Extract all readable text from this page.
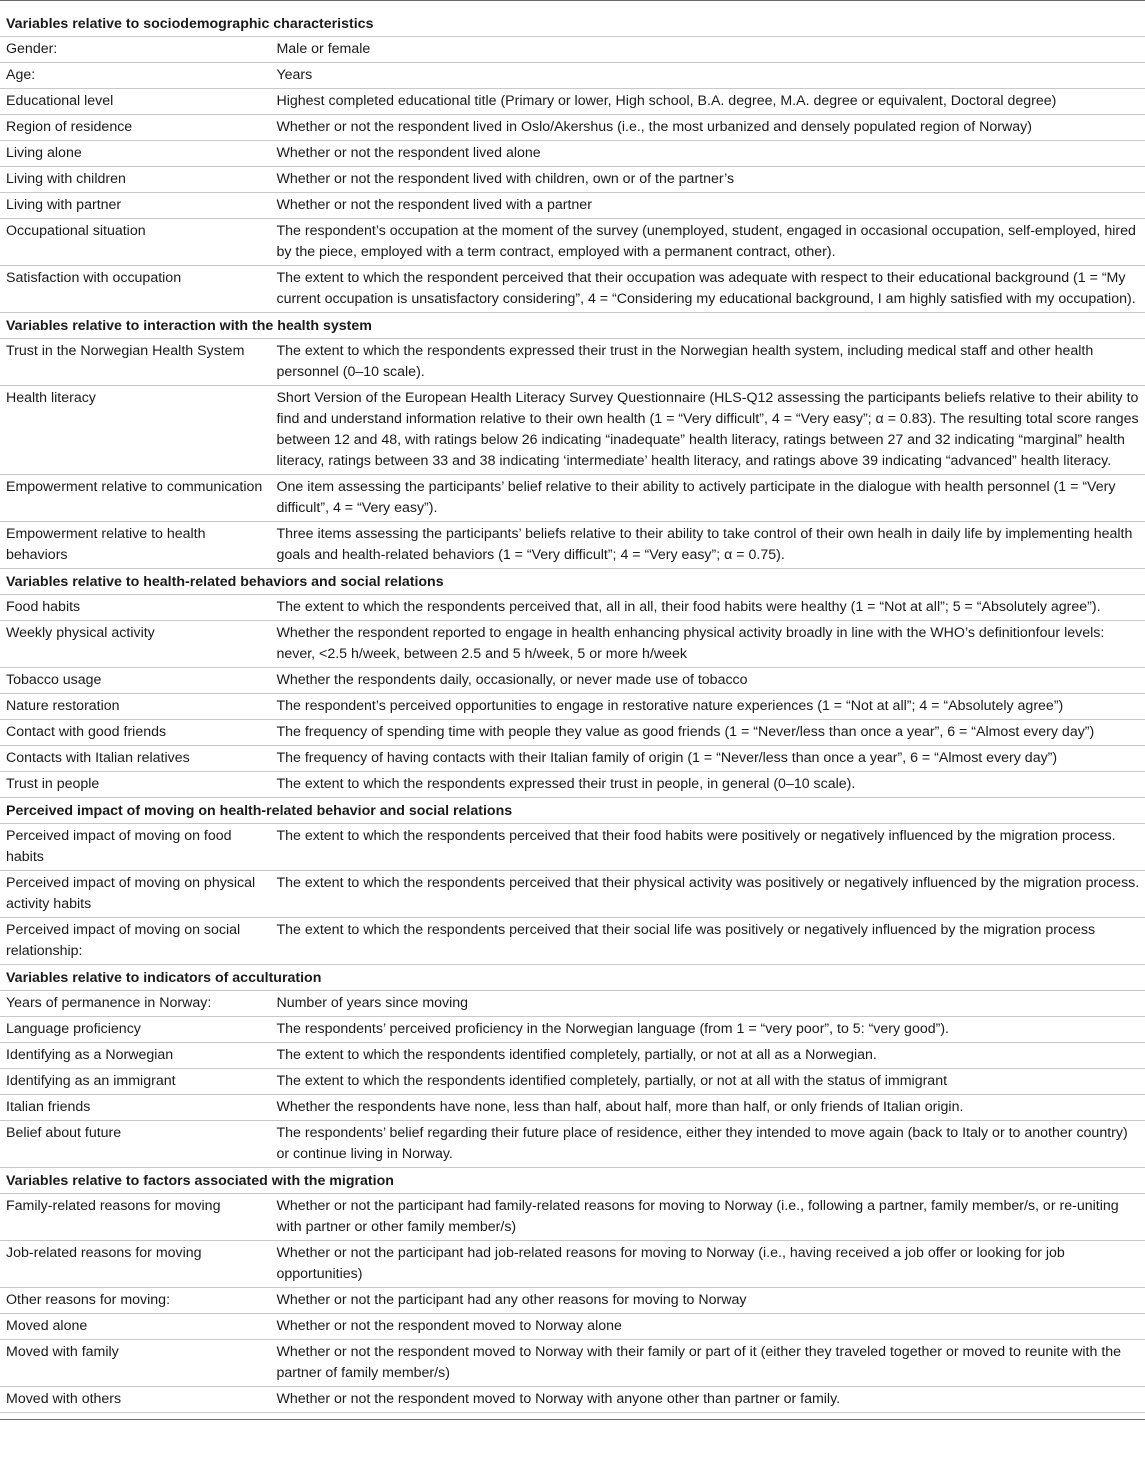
Variables relative to sociodemographic characteristics	
Gender:	Male or female
Age:	Years
Educational level	Highest completed educational title (Primary or lower, High school, B.A. degree, M.A. degree or equivalent, Doctoral degree)
Region of residence	Whether or not the respondent lived in Oslo/Akershus (i.e., the most urbanized and densely populated region of Norway)
Living alone	Whether or not the respondent lived alone
Living with children	Whether or not the respondent lived with children, own or of the partner’s
Living with partner	Whether or not the respondent lived with a partner
Occupational situation	The respondent’s occupation at the moment of the survey (unemployed, student, engaged in occasional occupation, self-employed, hired by the piece, employed with a term contract, employed with a permanent contract, other).
Satisfaction with occupation	The extent to which the respondent perceived that their occupation was adequate with respect to their educational background (1 = “My current occupation is unsatisfactory considering”, 4 = “Considering my educational background, I am highly satisfied with my occupation).
Variables relative to interaction with the health system	
Trust in the Norwegian Health System	The extent to which the respondents expressed their trust in the Norwegian health system, including medical staff and other health personnel (0–10 scale).
Health literacy	Short Version of the European Health Literacy Survey Questionnaire (HLS-Q12 assessing the participants beliefs relative to their ability to find and understand information relative to their own health (1 = “Very difficult”, 4 = “Very easy”; α = 0.83). The resulting total score ranges between 12 and 48, with ratings below 26 indicating “inadequate” health literacy, ratings between 27 and 32 indicating “marginal” health literacy, ratings between 33 and 38 indicating ‘intermediate’ health literacy, and ratings above 39 indicating “advanced” health literacy.
Empowerment relative to communication	One item assessing the participants’ belief relative to their ability to actively participate in the dialogue with health personnel (1 = “Very difficult”, 4 = “Very easy”).
Empowerment relative to health behaviors	Three items assessing the participants’ beliefs relative to their ability to take control of their own healh in daily life by implementing health goals and health-related behaviors (1 = “Very difficult”; 4 = “Very easy”; α = 0.75).
Variables relative to health-related behaviors and social relations	
Food habits	The extent to which the respondents perceived that, all in all, their food habits were healthy (1 = “Not at all”; 5 = “Absolutely agree”).
Weekly physical activity	Whether the respondent reported to engage in health enhancing physical activity broadly in line with the WHO’s definitionfour levels: never, <2.5 h/week, between 2.5 and 5 h/week, 5 or more h/week
Tobacco usage	Whether the respondents daily, occasionally, or never made use of tobacco
Nature restoration	The respondent’s perceived opportunities to engage in restorative nature experiences (1 = “Not at all”; 4 = “Absolutely agree”)
Contact with good friends	The frequency of spending time with people they value as good friends (1 = “Never/less than once a year”, 6 = “Almost every day”)
Contacts with Italian relatives	The frequency of having contacts with their Italian family of origin (1 = “Never/less than once a year”, 6 = “Almost every day”)
Trust in people	The extent to which the respondents expressed their trust in people, in general (0–10 scale).
Perceived impact of moving on health-related behavior and social relations	
Perceived impact of moving on food habits	The extent to which the respondents perceived that their food habits were positively or negatively influenced by the migration process.
Perceived impact of moving on physical activity habits	The extent to which the respondents perceived that their physical activity was positively or negatively influenced by the migration process.
Perceived impact of moving on social relationship:	The extent to which the respondents perceived that their social life was positively or negatively influenced by the migration process
Variables relative to indicators of acculturation	
Years of permanence in Norway:	Number of years since moving
Language proficiency	The respondents’ perceived proficiency in the Norwegian language (from 1 = “very poor”, to 5: “very good”).
Identifying as a Norwegian	The extent to which the respondents identified completely, partially, or not at all as a Norwegian.
Identifying as an immigrant	The extent to which the respondents identified completely, partially, or not at all with the status of immigrant
Italian friends	Whether the respondents have none, less than half, about half, more than half, or only friends of Italian origin.
Belief about future	The respondents’ belief regarding their future place of residence, either they intended to move again (back to Italy or to another country) or continue living in Norway.
Variables relative to factors associated with the migration	
Family-related reasons for moving	Whether or not the participant had family-related reasons for moving to Norway (i.e., following a partner, family member/s, or re-uniting with partner or other family member/s)
Job-related reasons for moving	Whether or not the participant had job-related reasons for moving to Norway (i.e., having received a job offer or looking for job opportunities)
Other reasons for moving:	Whether or not the participant had any other reasons for moving to Norway
Moved alone	Whether or not the respondent moved to Norway alone
Moved with family	Whether or not the respondent moved to Norway with their family or part of it (either they traveled together or moved to reunite with the partner of family member/s)
Moved with others	Whether or not the respondent moved to Norway with anyone other than partner or family.
